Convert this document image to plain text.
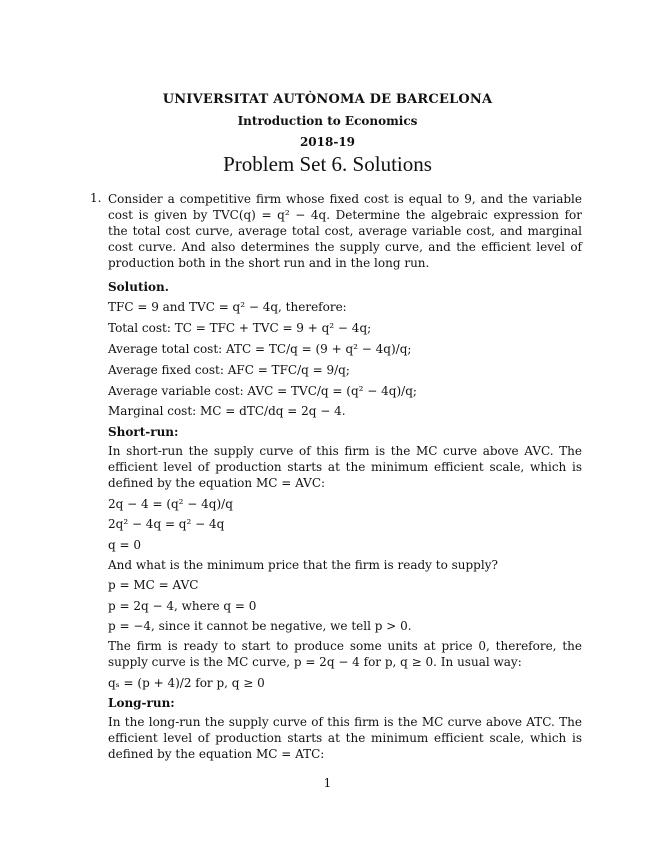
UNIVERSITAT AUTÒNOMA DE BARCELONA
Introduction to Economics
2018-19
Problem Set 6. Solutions
1. Consider a competitive firm whose fixed cost is equal to 9, and the variable cost is given by TVC(q) = q² − 4q. Determine the algebraic expression for the total cost curve, average total cost, average variable cost, and marginal cost curve. And also determines the supply curve, and the efficient level of production both in the short run and in the long run.
Solution.
TFC = 9 and TVC = q² − 4q, therefore:
Total cost: TC = TFC + TVC = 9 + q² − 4q;
Average total cost: ATC = TC/q = (9 + q² − 4q)/q;
Average fixed cost: AFC = TFC/q = 9/q;
Average variable cost: AVC = TVC/q = (q² − 4q)/q;
Marginal cost: MC = dTC/dq = 2q − 4.
Short-run:
In short-run the supply curve of this firm is the MC curve above AVC. The efficient level of production starts at the minimum efficient scale, which is defined by the equation MC = AVC:
2q − 4 = (q² − 4q)/q
2q² − 4q = q² − 4q
q = 0
And what is the minimum price that the firm is ready to supply?
p = MC = AVC
p = 2q − 4, where q = 0
p = −4, since it cannot be negative, we tell p > 0.
The firm is ready to start to produce some units at price 0, therefore, the supply curve is the MC curve, p = 2q − 4 for p, q ≥ 0. In usual way:
qₛ = (p + 4)/2 for p, q ≥ 0
Long-run:
In the long-run the supply curve of this firm is the MC curve above ATC. The efficient level of production starts at the minimum efficient scale, which is defined by the equation MC = ATC:
1
